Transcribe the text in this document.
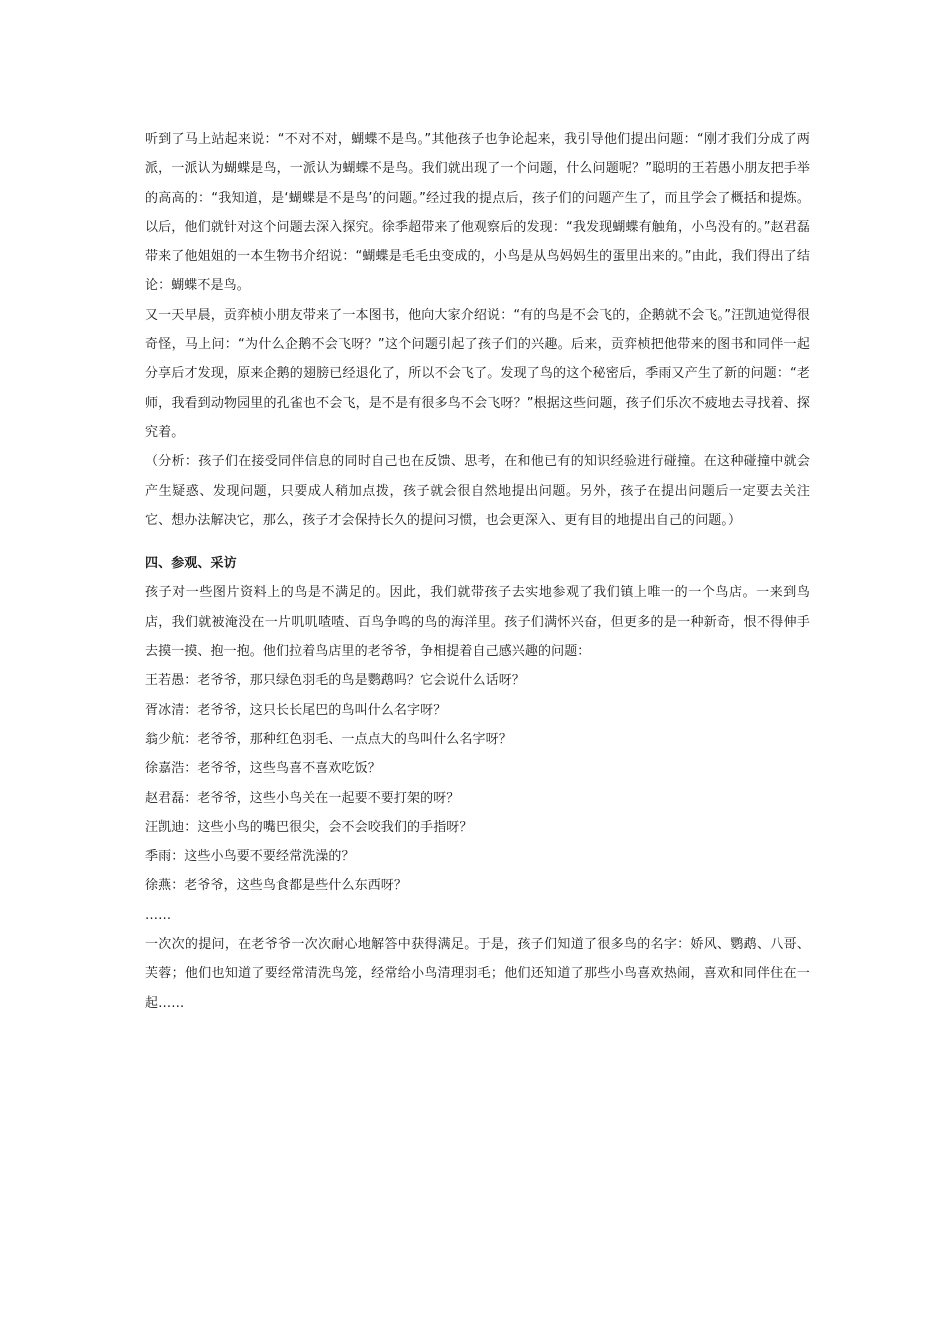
听到了马上站起来说：“不对不对，蝴蝶不是鸟。”其他孩子也争论起来，我引导他们提出问题：“刚才我们分成了两派，一派认为蝴蝶是鸟，一派认为蝴蝶不是鸟。我们就出现了一个问题，什么问题呢？”聪明的王若愚小朋友把手举的高高的：“我知道，是‘蝴蝶是不是鸟’的问题。”经过我的提点后，孩子们的问题产生了，而且学会了概括和提炼。以后，他们就针对这个问题去深入探究。徐季超带来了他观察后的发现：“我发现蝴蝶有触角，小鸟没有的。”赵君磊带来了他姐姐的一本生物书介绍说：“蝴蝶是毛毛虫变成的，小鸟是从鸟妈妈生的蛋里出来的。”由此，我们得出了结论：蝴蝶不是鸟。

又一天早晨，贡弈桢小朋友带来了一本图书，他向大家介绍说：“有的鸟是不会飞的，企鹅就不会飞。”汪凯迪觉得很奇怪，马上问：“为什么企鹅不会飞呀？”这个问题引起了孩子们的兴趣。后来，贡弈桢把他带来的图书和同伴一起分享后才发现，原来企鹅的翅膀已经退化了，所以不会飞了。发现了鸟的这个秘密后，季雨又产生了新的问题：“老师，我看到动物园里的孔雀也不会飞，是不是有很多鸟不会飞呀？”根据这些问题，孩子们乐次不疲地去寻找着、探究着。

（分析：孩子们在接受同伴信息的同时自己也在反馈、思考，在和他已有的知识经验进行碰撞。在这种碰撞中就会产生疑惑、发现问题，只要成人稍加点拨，孩子就会很自然地提出问题。另外，孩子在提出问题后一定要去关注它、想办法解决它，那么，孩子才会保持长久的提问习惯，也会更深入、更有目的地提出自己的问题。）

四、参观、采访

孩子对一些图片资料上的鸟是不满足的。因此，我们就带孩子去实地参观了我们镇上唯一的一个鸟店。一来到鸟店，我们就被淹没在一片叽叽喳喳、百鸟争鸣的鸟的海洋里。孩子们满怀兴奋，但更多的是一种新奇，恨不得伸手去摸一摸、抱一抱。他们拉着鸟店里的老爷爷，争相提着自己感兴趣的问题：

王若愚：老爷爷，那只绿色羽毛的鸟是鹦鹉吗？它会说什么话呀？

胥冰清：老爷爷，这只长长尾巴的鸟叫什么名字呀？

翁少航：老爷爷，那种红色羽毛、一点点大的鸟叫什么名字呀？

徐嘉浩：老爷爷，这些鸟喜不喜欢吃饭？

赵君磊：老爷爷，这些小鸟关在一起要不要打架的呀？

汪凯迪：这些小鸟的嘴巴很尖，会不会咬我们的手指呀？

季雨：这些小鸟要不要经常洗澡的？

徐燕：老爷爷，这些鸟食都是些什么东西呀？

……

一次次的提问，在老爷爷一次次耐心地解答中获得满足。于是，孩子们知道了很多鸟的名字：娇风、鹦鹉、八哥、芙蓉；他们也知道了要经常清洗鸟笼，经常给小鸟清理羽毛；他们还知道了那些小鸟喜欢热闹，喜欢和同伴住在一起……
